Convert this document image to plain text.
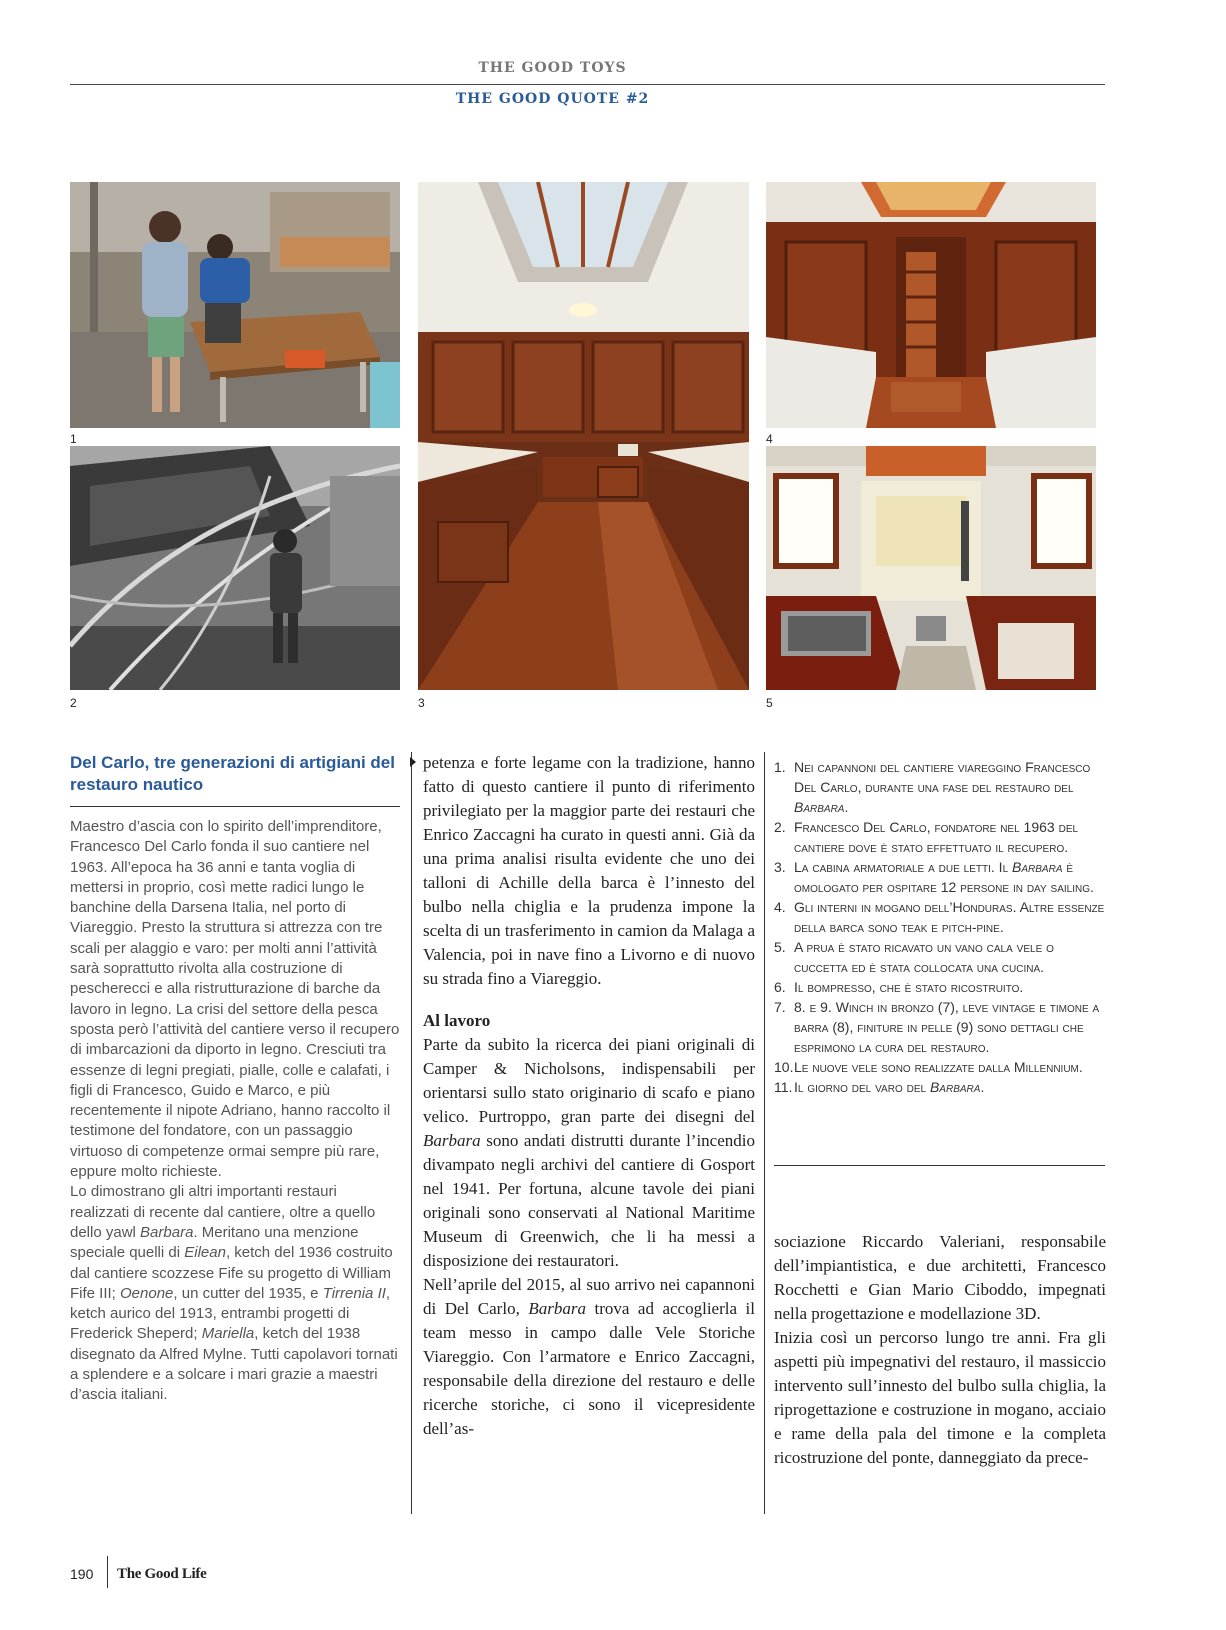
THE GOOD TOYS
THE GOOD QUOTE #2
1
2	3
4
5
Del Carlo, tre generazioni di artigiani del restauro nautico

Maestro d’ascia con lo spirito dell’imprenditore, Francesco Del Carlo fonda il suo cantiere nel 1963. All’epoca ha 36 anni e tanta voglia di mettersi in proprio, così mette radici lungo le banchine della Darsena Italia, nel porto di Viareggio. Presto la struttura si attrezza con tre scali per alaggio e varo: per molti anni l’attività sarà soprattutto rivolta alla costruzione di pescherecci e alla ristrutturazione di barche da lavoro in legno. La crisi del settore della pesca sposta però l’attività del cantiere verso il recupero di imbarcazioni da diporto in legno. Cresciuti tra essenze di legni pregiati, pialle, colle e calafati, i figli di Francesco, Guido e Marco, e più recentemente il nipote Adriano, hanno raccolto il testimone del fondatore, con un passaggio virtuoso di competenze ormai sempre più rare, eppure molto richieste.

Lo dimostrano gli altri importanti restauri realizzati di recente dal cantiere, oltre a quello dello yawl Barbara. Meritano una menzione speciale quelli di Eilean, ketch del 1936 costruito dal cantiere scozzese Fife su progetto di William Fife III; Oenone, un cutter del 1935, e Tirrenia II, ketch aurico del 1913, entrambi progetti di Frederick Sheperd; Mariella, ketch del 1938 disegnato da Alfred Mylne. Tutti capolavori tornati a splendere e a solcare i mari grazie a maestri d’ascia italiani.

petenza e forte legame con la tradizione, hanno fatto di questo cantiere il punto di riferimento privilegiato per la maggior parte dei restauri che Enrico Zaccagni ha curato in questi anni. Già da una prima analisi risulta evidente che uno dei talloni di Achille della barca è l’innesto del bulbo nella chiglia e la prudenza impone la scelta di un trasferimento in camion da Malaga a Valencia, poi in nave fino a Livorno e di nuovo su strada fino a Viareggio.

Al lavoro

Parte da subito la ricerca dei piani originali di Camper & Nicholsons, indispensabili per orientarsi sullo stato originario di scafo e piano velico. Purtroppo, gran parte dei disegni del Barbara sono andati distrutti durante l’incendio divampato negli archivi del cantiere di Gosport nel 1941. Per fortuna, alcune tavole dei piani originali sono conservati al National Maritime Museum di Greenwich, che li ha messi a disposizione dei restauratori.

Nell’aprile del 2015, al suo arrivo nei capannoni di Del Carlo, Barbara trova ad accoglierla il team messo in campo dalle Vele Storiche Viareggio. Con l’armatore e Enrico Zaccagni, responsabile della direzione del restauro e delle ricerche storiche, ci sono il vicepresidente dell’as-

1. Nei capannoni del cantiere viareggino Francesco Del Carlo, durante una fase del restauro del Barbara.
2. Francesco Del Carlo, fondatore nel 1963 del cantiere dove è stato effettuato il recupero.
3. La cabina armatoriale a due letti. Il Barbara è omologato per ospitare 12 persone in day sailing.
4. Gli interni in mogano dell’Honduras. Altre essenze della barca sono teak e pitch-pine.
5. A prua è stato ricavato un vano cala vele o cuccetta ed è stata collocata una cucina.
6. Il bompresso, che è stato ricostruito.
7. 8. e 9. Winch in bronzo (7), leve vintage e timone a barra (8), finiture in pelle (9) sono dettagli che esprimono la cura del restauro.
10. Le nuove vele sono realizzate dalla Millennium.
11. Il giorno del varo del Barbara.

sociazione Riccardo Valeriani, responsabile dell’impiantistica, e due architetti, Francesco Rocchetti e Gian Mario Ciboddo, impegnati nella progettazione e modellazione 3D.

Inizia così un percorso lungo tre anni. Fra gli aspetti più impegnativi del restauro, il massiccio intervento sull’innesto del bulbo sulla chiglia, la riprogettazione e costruzione in mogano, acciaio e rame della pala del timone e la completa ricostruzione del ponte, danneggiato da prece-

190 The Good Life
